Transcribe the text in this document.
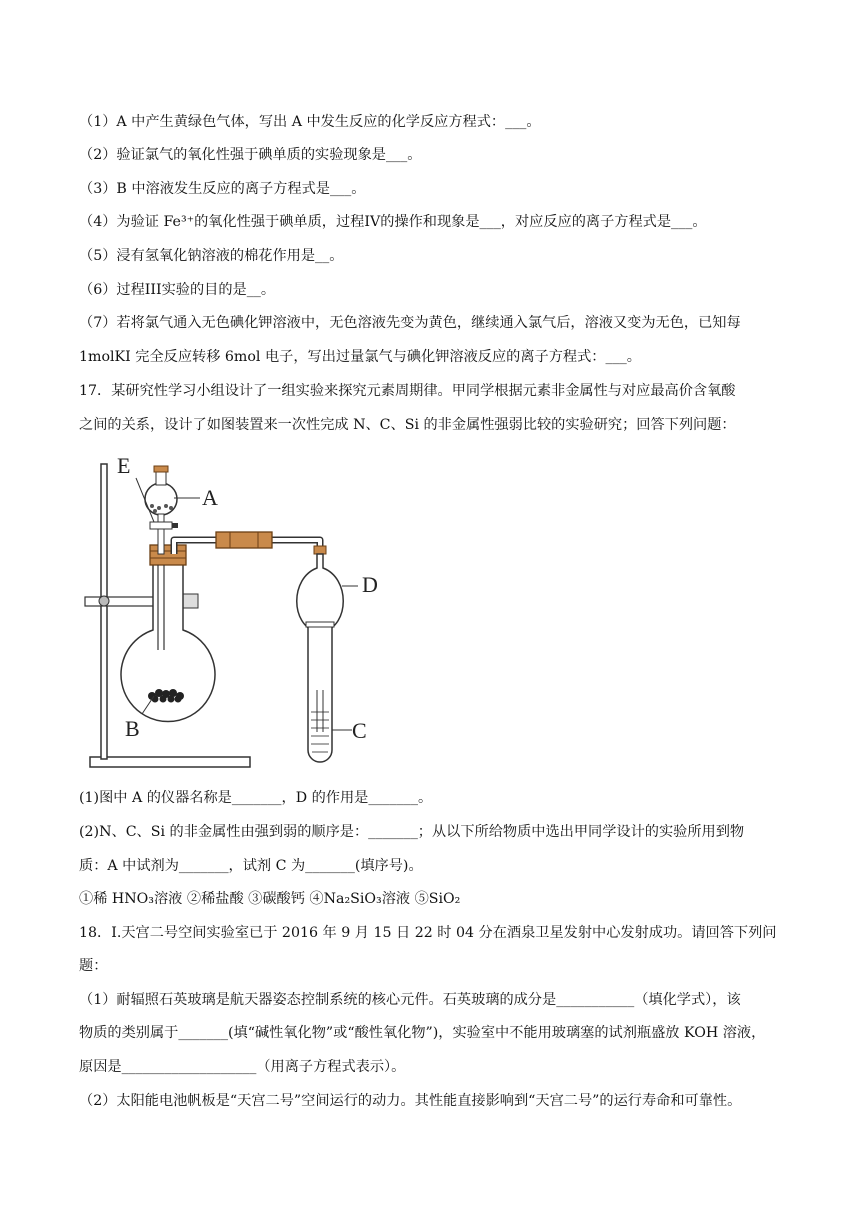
（1）A 中产生黄绿色气体，写出 A 中发生反应的化学反应方程式：___。
（2）验证氯气的氧化性强于碘单质的实验现象是___。
（3）B 中溶液发生反应的离子方程式是___。
（4）为验证 Fe³⁺的氧化性强于碘单质，过程IV的操作和现象是___，对应反应的离子方程式是___。
（5）浸有氢氧化钠溶液的棉花作用是__。
（6）过程III实验的目的是__。
（7）若将氯气通入无色碘化钾溶液中，无色溶液先变为黄色，继续通入氯气后，溶液又变为无色，已知每
1molKI 完全反应转移 6mol 电子，写出过量氯气与碘化钾溶液反应的离子方程式：___。
17．某研究性学习小组设计了一组实验来探究元素周期律。甲同学根据元素非金属性与对应最高价含氧酸
之间的关系，设计了如图装置来一次性完成 N、C、Si 的非金属性强弱比较的实验研究；回答下列问题：
E
A
B
D
C
(1)图中 A 的仪器名称是_______，D 的作用是_______。
(2)N、C、Si 的非金属性由强到弱的顺序是：_______；从以下所给物质中选出甲同学设计的实验所用到物
质：A 中试剂为_______，试剂 C 为_______(填序号)。
①稀 HNO₃溶液 ②稀盐酸 ③碳酸钙 ④Na₂SiO₃溶液 ⑤SiO₂
18．I.天宫二号空间实验室已于 2016 年 9 月 15 日 22 时 04 分在酒泉卫星发射中心发射成功。请回答下列问
题：
（1）耐辐照石英玻璃是航天器姿态控制系统的核心元件。石英玻璃的成分是___________（填化学式），该
物质的类别属于_______(填“碱性氧化物”或“酸性氧化物”)，实验室中不能用玻璃塞的试剂瓶盛放 KOH 溶液，
原因是___________________（用离子方程式表示）。
（2）太阳能电池帆板是“天宫二号”空间运行的动力。其性能直接影响到“天宫二号”的运行寿命和可靠性。
